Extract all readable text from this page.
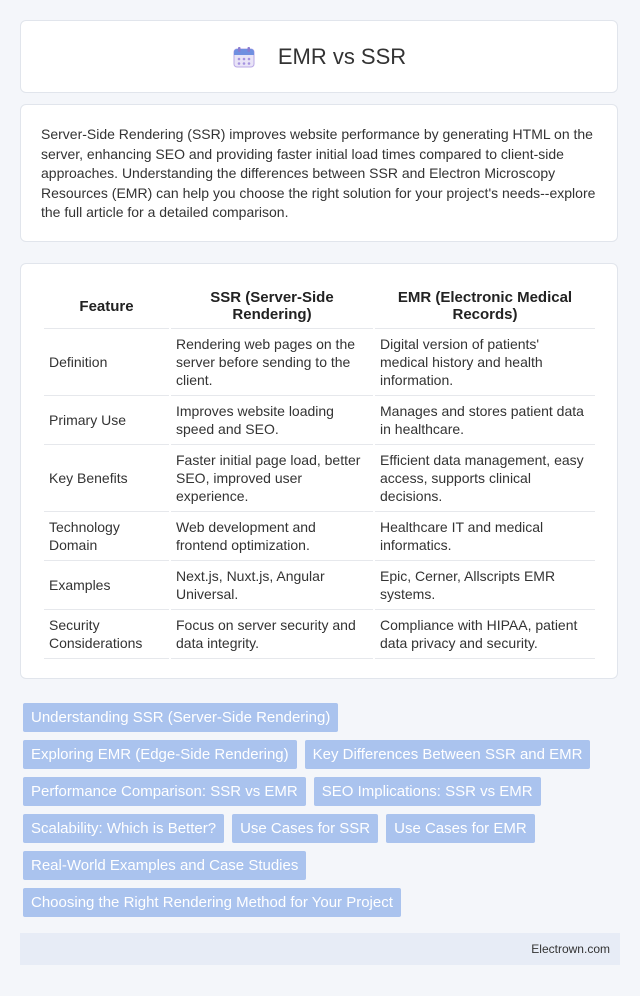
EMR vs SSR

Server-Side Rendering (SSR) improves website performance by generating HTML on the server, enhancing SEO and providing faster initial load times compared to client-side approaches. Understanding the differences between SSR and Electron Microscopy Resources (EMR) can help you choose the right solution for your project's needs--explore the full article for a detailed comparison.

Feature	SSR (Server-Side Rendering)	EMR (Electronic Medical Records)
Definition	Rendering web pages on the server before sending to the client.	Digital version of patients' medical history and health information.
Primary Use	Improves website loading speed and SEO.	Manages and stores patient data in healthcare.
Key Benefits	Faster initial page load, better SEO, improved user experience.	Efficient data management, easy access, supports clinical decisions.
Technology Domain	Web development and frontend optimization.	Healthcare IT and medical informatics.
Examples	Next.js, Nuxt.js, Angular Universal.	Epic, Cerner, Allscripts EMR systems.
Security Considerations	Focus on server security and data integrity.	Compliance with HIPAA, patient data privacy and security.
Understanding SSR (Server-Side Rendering)
Exploring EMR (Edge-Side Rendering)	Key Differences Between SSR and EMR
Performance Comparison: SSR vs EMR	SEO Implications: SSR vs EMR
Scalability: Which is Better?	Use Cases for SSR	Use Cases for EMR
Real-World Examples and Case Studies
Choosing the Right Rendering Method for Your Project
Electrown.com
